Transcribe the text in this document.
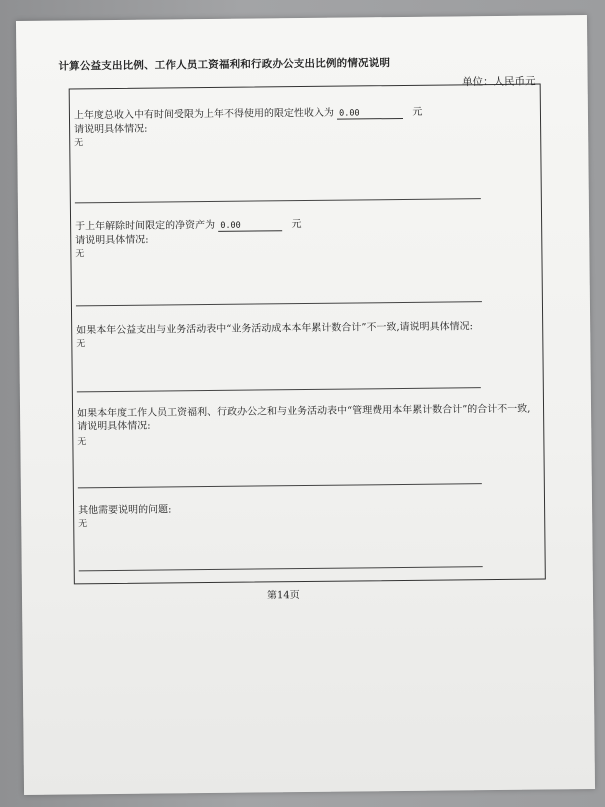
计算公益支出比例、工作人员工资福利和行政办公支出比例的情况说明
单位：人民币元
上年度总收入中有时间受限为上年不得使用的限定性收入为 0.00	元
请说明具体情况:
无
于上年解除时间限定的净资产为 0.00	元
请说明具体情况:
无
如果本年公益支出与业务活动表中“业务活动成本本年累计数合计”不一致,请说明具体情况:
无
如果本年度工作人员工资福利、行政办公之和与业务活动表中“管理费用本年累计数合计”的合计不一致,请说明具体情况:
无
其他需要说明的问题:
无
第14页
